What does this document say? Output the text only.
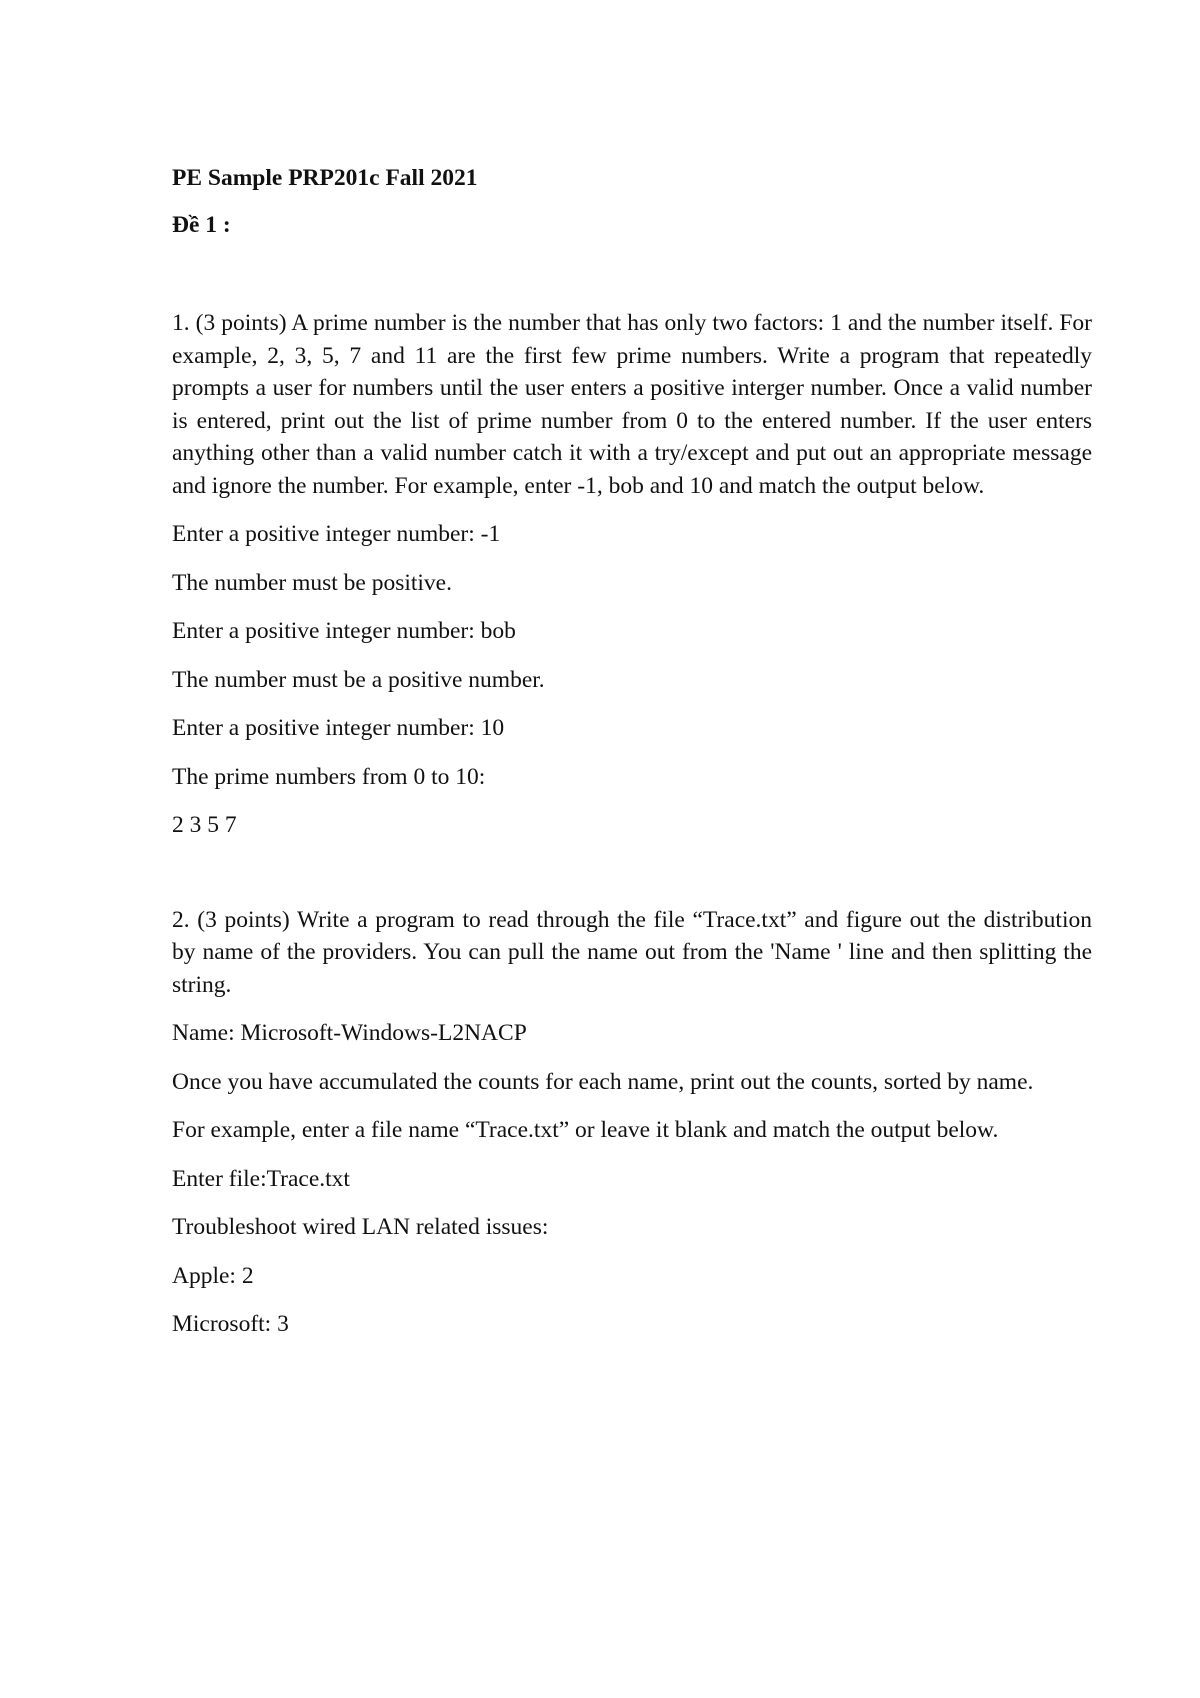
PE Sample PRP201c Fall 2021

Đề 1 :

1. (3 points) A prime number is the number that has only two factors: 1 and the number itself. For example, 2, 3, 5, 7 and 11 are the first few prime numbers. Write a program that repeatedly prompts a user for numbers until the user enters a positive interger number. Once a valid number is entered, print out the list of prime number from 0 to the entered number. If the user enters anything other than a valid number catch it with a try/except and put out an appropriate message and ignore the number. For example, enter -1, bob and 10 and match the output below.

Enter a positive integer number: -1

The number must be positive.

Enter a positive integer number: bob

The number must be a positive number.

Enter a positive integer number: 10

The prime numbers from 0 to 10:

2 3 5 7

2. (3 points) Write a program to read through the file “Trace.txt” and figure out the distribution by name of the providers. You can pull the name out from the 'Name ' line and then splitting the string.

Name: Microsoft-Windows-L2NACP

Once you have accumulated the counts for each name, print out the counts, sorted by name.

For example, enter a file name “Trace.txt” or leave it blank and match the output below.

Enter file:Trace.txt

Troubleshoot wired LAN related issues:

Apple: 2

Microsoft: 3
